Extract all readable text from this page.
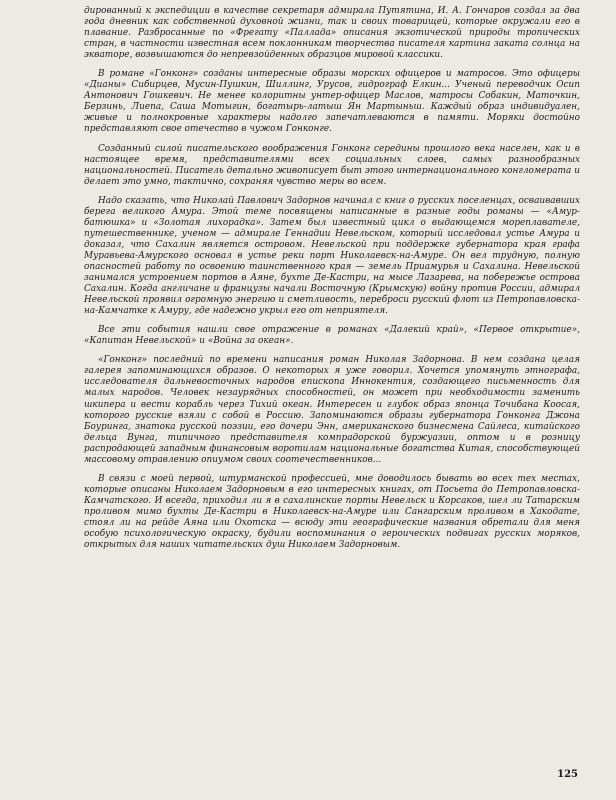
дированный к экспедиции в качестве секретаря адмирала Путятина, И. А. Гончаров создал за два года дневник как собственной духовной жизни, так и своих товарищей, которые окружали его в плавание. Разбросанные по «Фрегату «Паллада» описания экзотической природы тропических стран, в частности известная всем поклонникам творчества писателя картина заката солнца на экваторе, возвышаются до непревзойденных образцов мировой классики.

В романе «Гонконг» созданы интересные образы морских офицеров и матросов. Это офицеры «Дианы» Сибирцев, Мусин-Пушкин, Шиллинг, Урусов, гидрограф Елкин... Ученый переводчик Осип Антонович Гошкевич. Не менее колоритны унтер-офицер Маслов, матросы Собакин, Маточкин, Берзинь, Лиепа, Саша Мотыгин, богатырь-латыш Ян Мартыньш. Каждый образ индивидуален, живые и полнокровные характеры надолго запечатлеваются в памяти. Моряки достойно представляют свое отечество в чужом Гонконге.

Созданный силой писательского воображения Гонконг середины прошлого века населен, как и в настоящее время, представителями всех социальных слоев, самых разнообразных национальностей. Писатель детально живописует быт этого интернационального конгломерата и делает это умно, тактично, сохраняя чувство меры во всем.

Надо сказать, что Николай Павлович Задорнов начинал с книг о русских поселенцах, осваивавших берега великого Амура. Этой теме посвящены написанные в разные годы романы — «Амур-батюшка» и «Золотая лихорадка». Затем был известный цикл о выдающемся мореплавателе, путешественнике, ученом — адмирале Геннадии Невельском, который исследовал устье Амура и доказал, что Сахалин является островом. Невельской при поддержке губернатора края графа Муравьева-Амурского основал в устье реки порт Николаевск-на-Амуре. Он вел трудную, полную опасностей работу по освоению таинственного края — земель Приамурья и Сахалина. Невельской занимался устроением портов в Аяне, бухте Де-Кастри, на мысе Лазарева, на побережье острова Сахалин. Когда англичане и французы начали Восточную (Крымскую) войну против России, адмирал Невельской проявил огромную энергию и сметливость, переброси русский флот из Петропавловска-на-Камчатке к Амуру, где надежно укрыл его от неприятеля.

Все эти события нашли свое отражение в романах «Далекий край», «Первое открытие», «Капитан Невельской» и «Война за океан».

«Гонконг» последний по времени написания роман Николая Задорнова. В нем создана целая галерея запоминающихся образов. О некоторых я уже говорил. Хочется упомянуть этнографа, исследователя дальневосточных народов епископа Иннокентия, создающего письменность для малых народов. Человек незаурядных способностей, он может при необходимости заменить шкипера и вести корабль через Тихий океан. Интересен и глубок образ японца Точибана Коосая, которого русские взяли с собой в Россию. Запоминаются образы губернатора Гонконга Джона Боуринга, знатока русской поэзии, его дочери Энн, американского бизнесмена Сайлеса, китайского дельца Вунга, типичного представителя компрадорской буржуазии, оптом и в розницу распродающей западным финансовым воротилам национальные богатства Китая, способствующей массовому отравлению опиумом своих соотечественников...

В связи с моей первой, штурманской профессией, мне доводилось бывать во всех тех местах, которые описаны Николаем Задорновым в его интересных книгах, от Посьета до Петропавловска-Камчатского. И всегда, приходил ли я в сахалинские порты Невельск и Корсаков, шел ли Татарским проливом мимо бухты Де-Кастри в Николаевск-на-Амуре или Сангарским проливом в Хакодате, стоял ли на рейде Аяна или Охотска — всюду эти географические названия обретали для меня особую психологическую окраску, будили воспоминания о героических подвигах русских моряков, открытых для наших читательских душ Николаем Задорновым.

125
